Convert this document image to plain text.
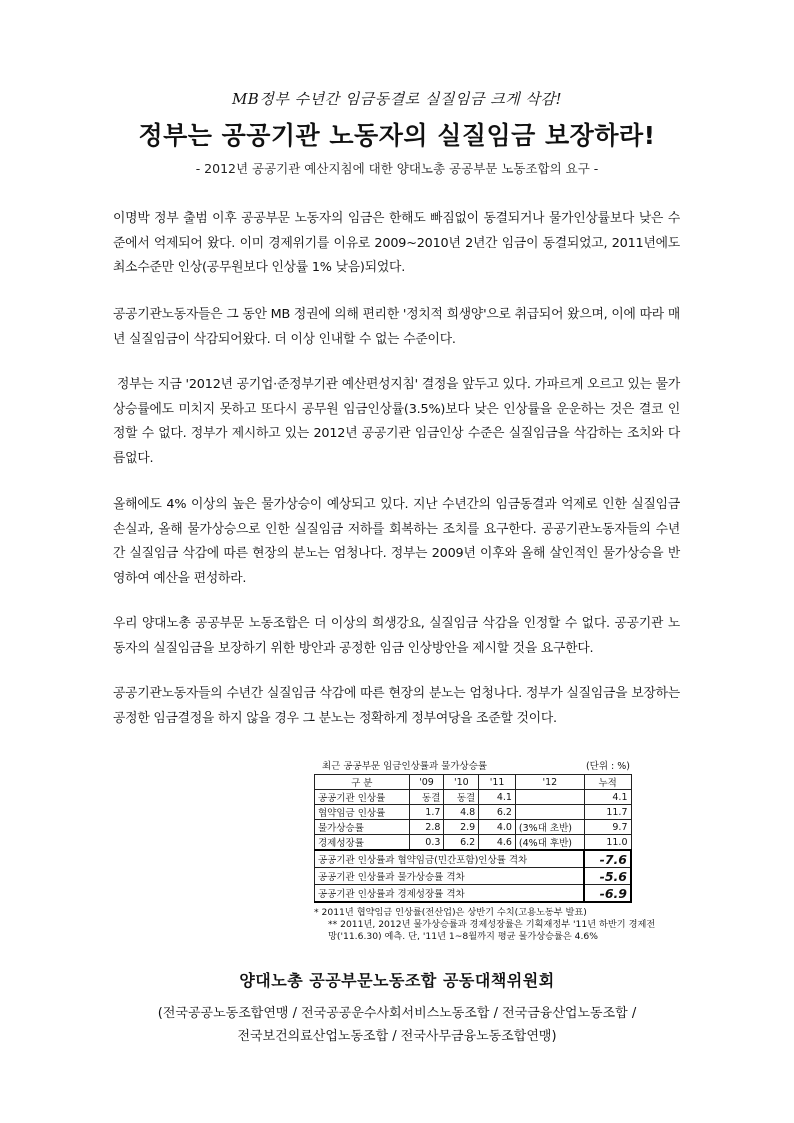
MB정부 수년간 임금동결로 실질임금 크게 삭감!
정부는 공공기관 노동자의 실질임금 보장하라!
- 2012년 공공기관 예산지침에 대한 양대노총 공공부문 노동조합의 요구 -
이명박 정부 출범 이후 공공부문 노동자의 임금은 한해도 빠짐없이 동결되거나 물가인상률보다 낮은 수준에서 억제되어 왔다. 이미 경제위기를 이유로 2009~2010년 2년간 임금이 동결되었고, 2011년에도 최소수준만 인상(공무원보다 인상률 1% 낮음)되었다.
공공기관노동자들은 그 동안 MB 정권에 의해 편리한 '정치적 희생양'으로 취급되어 왔으며, 이에 따라 매년 실질임금이 삭감되어왔다. 더 이상 인내할 수 없는 수준이다.
정부는 지금 '2012년 공기업·준정부기관 예산편성지침' 결정을 앞두고 있다. 가파르게 오르고 있는 물가상승률에도 미치지 못하고 또다시 공무원 임금인상률(3.5%)보다 낮은 인상률을 운운하는 것은 결코 인정할 수 없다. 정부가 제시하고 있는 2012년 공공기관 임금인상 수준은 실질임금을 삭감하는 조치와 다름없다.
올해에도 4% 이상의 높은 물가상승이 예상되고 있다. 지난 수년간의 임금동결과 억제로 인한 실질임금 손실과, 올해 물가상승으로 인한 실질임금 저하를 회복하는 조치를 요구한다. 공공기관노동자들의 수년간 실질임금 삭감에 따른 현장의 분노는 엄청나다. 정부는 2009년 이후와 올해 살인적인 물가상승을 반영하여 예산을 편성하라.
우리 양대노총 공공부문 노동조합은 더 이상의 희생강요, 실질임금 삭감을 인정할 수 없다. 공공기관 노동자의 실질임금을 보장하기 위한 방안과 공정한 임금 인상방안을 제시할 것을 요구한다.
공공기관노동자들의 수년간 실질임금 삭감에 따른 현장의 분노는 엄청나다. 정부가 실질임금을 보장하는 공정한 임금결정을 하지 않을 경우 그 분노는 정확하게 정부여당을 조준할 것이다.
최근 공공부문 임금인상률과 물가상승률	(단위 : %)
구 분	'09	'10	'11	'12	누적
공공기관 인상률	동결	동결	4.1		4.1
협약임금 인상률	1.7	4.8	6.2		11.7
물가상승률	2.8	2.9	4.0	(3%대 초반)	9.7
경제성장률	0.3	6.2	4.6	(4%대 후반)	11.0
공공기관 인상률과 협약임금(민간포함)인상률 격차					-7.6
공공기관 인상률과 물가상승률 격차					-5.6
공공기관 인상률과 경제성장률 격차					-6.9
* 2011년 협약임금 인상률(전산업)은 상반기 수치(고용노동부 발표)
** 2011년, 2012년 물가상승률과 경제성장률은 기획재정부 '11년 하반기 경제전망('11.6.30) 예측. 단, '11년 1~8월까지 평균 물가상승률은 4.6%
양대노총 공공부문노동조합 공동대책위원회
(전국공공노동조합연맹 / 전국공공운수사회서비스노동조합 / 전국금융산업노동조합 /
전국보건의료산업노동조합 / 전국사무금융노동조합연맹)
